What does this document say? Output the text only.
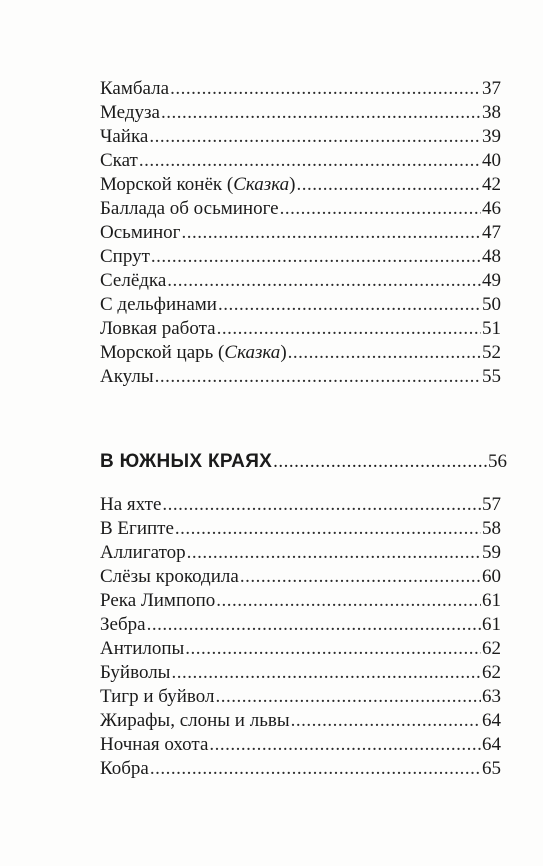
Камбала .....	37
Медуза .....	38
Чайка .....	39
Скат .....	40
Морской конёк (Сказка) .....	42
Баллада об осьминоге .....	46
Осьминог .....	47
Спрут .....	48
Селёдка .....	49
С дельфинами .....	50
Ловкая работа .....	51
Морской царь (Сказка) .....	52
Акулы .....	55
В ЮЖНЫХ КРАЯХ .....	56
На яхте .....	57
В Египте .....	58
Аллигатор .....	59
Слёзы крокодила .....	60
Река Лимпопо .....	61
Зебра .....	61
Антилопы .....	62
Буйволы .....	62
Тигр и буйвол .....	63
Жирафы, слоны и львы .....	64
Ночная охота .....	64
Кобра .....	65
